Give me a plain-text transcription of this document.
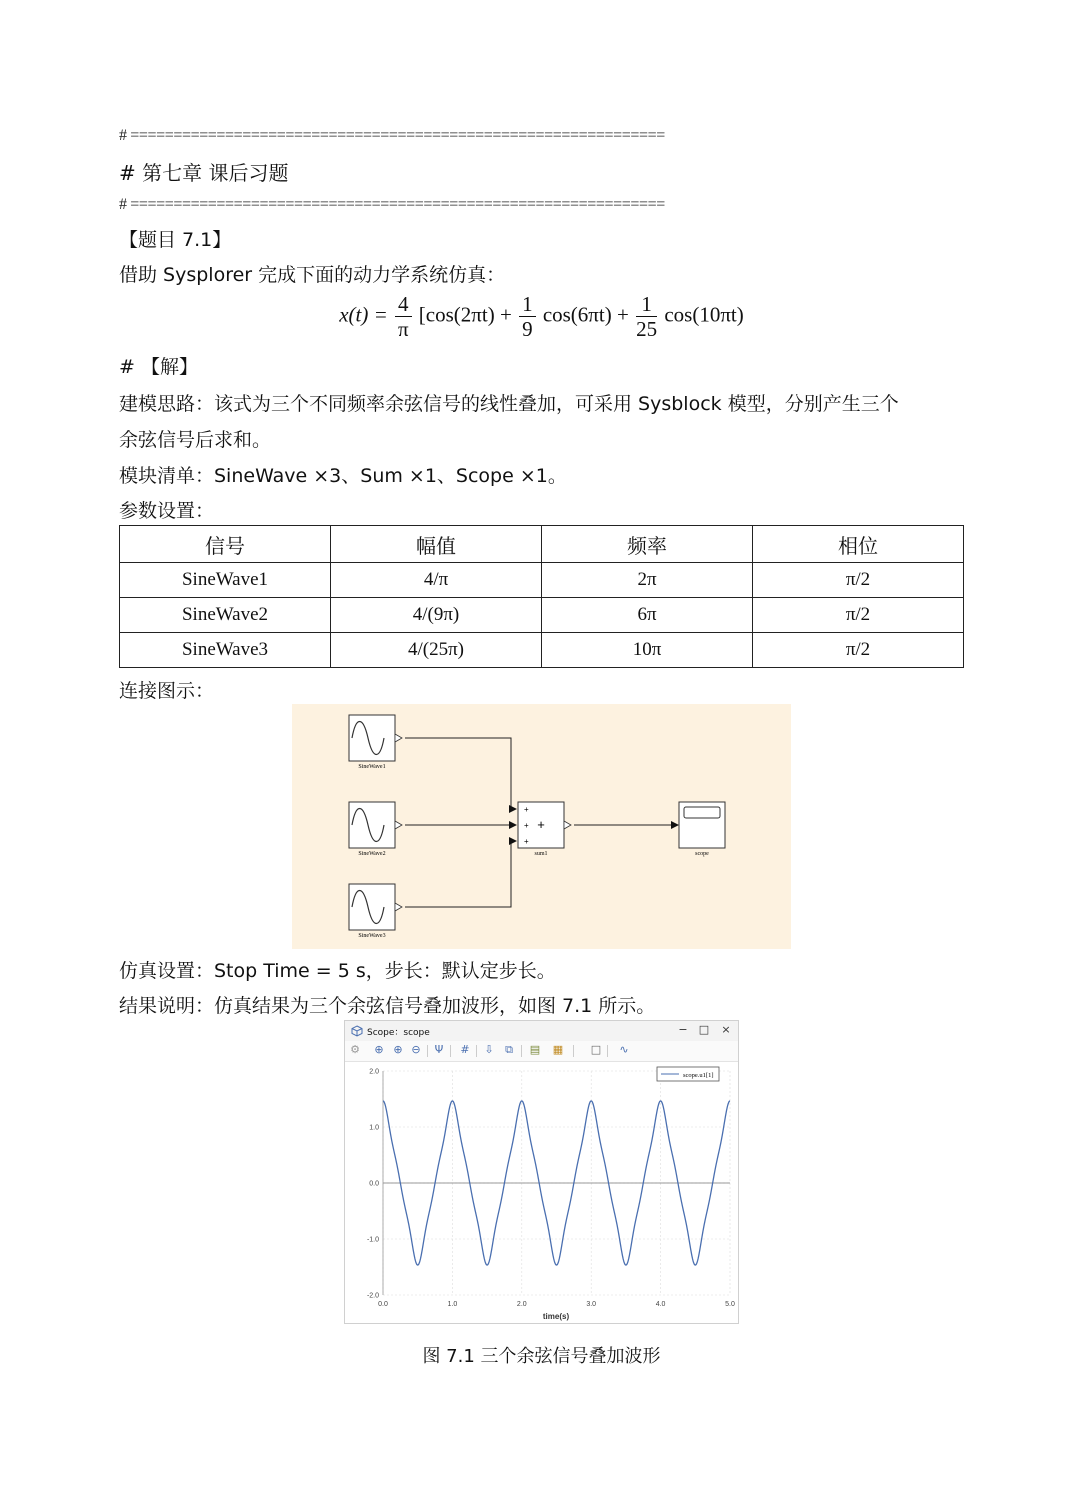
# ==============================================================
# 第七章 课后习题
# ==============================================================
【题目 7.1】
借助 Sysplorer 完成下面的动力学系统仿真：
$x(t) = \frac{4}{\pi} [\cos(2\pi t) + \frac{1}{9} \cos(6\pi t) + \frac{1}{25} \cos(10\pi t)$
# 【解】
建模思路：该式为三个不同频率余弦信号的线性叠加，可采用 Sysblock 模型，分别产生三个
余弦信号后求和。
模块清单：SineWave ×3、Sum ×1、Scope ×1。
参数设置：
信号	幅值	频率	相位
SineWave1	4/π	2π	π/2
SineWave2	4/(9π)	6π	π/2
SineWave3	4/(25π)	10π	π/2
连接图示：
SineWave1
SineWave2
SineWave3
+
+
+
+
sum1	scope
仿真设置：Stop Time = 5 s，步长：默认定步长。
结果说明：仿真结果为三个余弦信号叠加波形，如图 7.1 所示。
Scope：scope	− □ ×
⚙ ⊕ ⊕ ⊖ Ψ # ⇩ ⧉ ▤ ▦	□ ∿
2.0
1.0
0.0
-1.0
-2.0
0.0	1.0	2.0	3.0	4.0	5.0
time(s)
scope.u1[1]
图 7.1 三个余弦信号叠加波形
